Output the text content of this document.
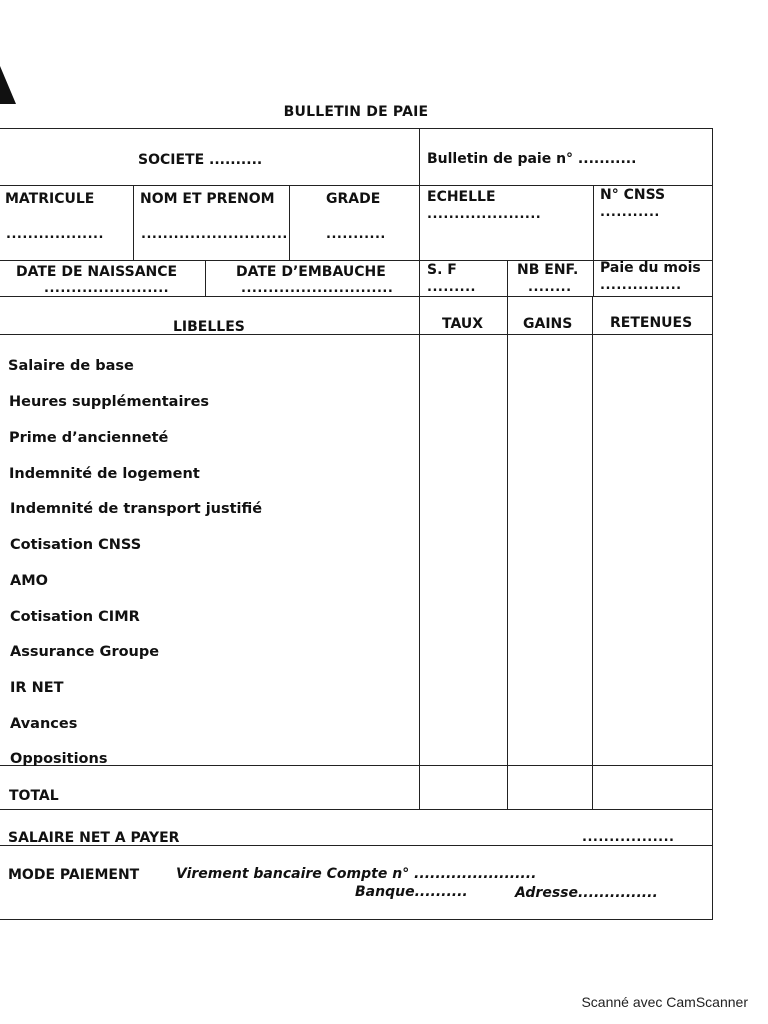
BULLETIN DE PAIE
SOCIETE ..........	Bulletin de paie n° ...........
MATRICULE
..................
NOM ET PRENOM
...........................
GRADE
...........
ECHELLE
.....................
N° CNSS
...........
DATE DE NAISSANCE
.......................
DATE D’EMBAUCHE
............................
S. F
.........
NB ENF.
........
Paie du mois
...............
LIBELLES	TAUX	GAINS	RETENUES
Salaire de base
Heures supplémentaires
Prime d’ancienneté
Indemnité de logement
Indemnité de transport justifié
Cotisation CNSS
AMO
Cotisation CIMR
Assurance Groupe
IR NET
Avances
Oppositions
TOTAL
SALAIRE NET A PAYER	.................
MODE PAIEMENT	Virement bancaire Compte n° .......................
Banque..........	Adresse...............
Scanné avec CamScanner
